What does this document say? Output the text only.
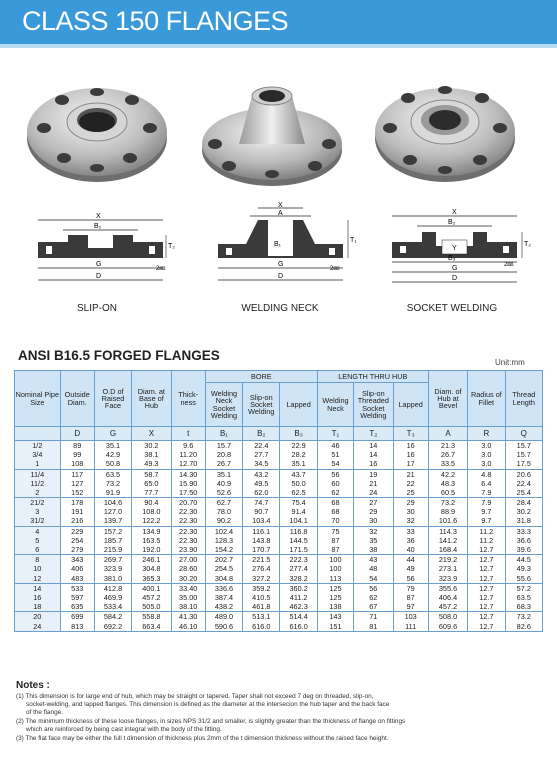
CLASS 150 FLANGES
X
B₂
T₂
G
D
2㎜
X
A
B₁
T₁
G
D
2㎜
X
B₂
Y
T₂
B₃
G
D
2㎜
SLIP-ON	WELDING NECK	SOCKET WELDING
ANSI B16.5 FORGED FLANGES	Unit:mm
Nominal Pipe Size	Outside Diam.	O.D of Raised Face	Diam. at Base of Hub	Thick- ness	BORE			LENGTH THRU HUB			Diam. of Hub at Bevel	Radius of Fillet	Thread Length
					Welding Neck Socket Welding	Slip-on Socket Welding	Lapped	Welding Neck	Slip-on Threaded Socket Welding	Lapped			
	D	G	X	t	B₁	B₂	B₃	T₁	T₂	T₃	A	R	Q
1/2	89	35.1	30.2	9.6	15.7	22.4	22.9	46	14	16	21.3	3.0	15.7
3/4	99	42.9	38.1	11.20	20.8	27.7	28.2	51	14	16	26.7	3.0	15.7
1	108	50.8	49.3	12.70	26.7	34.5	35.1	54	16	17	33.5	3.0	17.5
11/4	117	63.5	58.7	14.30	35.1	43.2	43.7	56	19	21	42.2	4.8	20.6
11/2	127	73.2	65.0	15.90	40.9	49.5	50.0	60	21	22	48.3	6.4	22.4
2	152	91.9	77.7	17.50	52.6	62.0	62.5	62	24	25	60.5	7.9	25.4
21/2	178	104.6	90.4	20.70	62.7	74.7	75.4	68	27	29	73.2	7.9	28.4
3	191	127.0	108.0	22.30	78.0	90.7	91.4	68	29	30	88.9	9.7	30.2
31/2	216	139.7	122.2	22.30	90.2	103.4	104.1	70	30	32	101.6	9.7	31.8
4	229	157.2	134.9	22.30	102.4	116.1	116.8	75	32	33	114.3	11.2	33.3
5	254	185.7	163.5	22.30	128.3	143.8	144.5	87	35	36	141.2	11.2	36.6
6	279	215.9	192.0	23.90	154.2	170.7	171.5	87	38	40	168.4	12.7	39.6
8	343	269.7	246.1	27.00	202.7	221.5	222.3	100	43	44	219.2	12.7	44.5
10	406	323.9	304.8	28.60	254.5	276.4	277.4	100	48	49	273.1	12.7	49.3
12	483	381.0	365.3	30.20	304.8	327.2	328.2	113	54	56	323.9	12.7	55.6
14	533	412.8	400.1	33.40	336.6	359.2	360.2	125	56	79	355.6	12.7	57.2
16	597	469.9	457.2	35.00	387.4	410.5	411.2	125	62	87	406.4	12.7	63.5
18	635	533.4	505.0	38.10	438.2	461.8	462.3	138	67	97	457.2	12.7	68.3
20	699	584.2	558.8	41.30	489.0	513.1	514.4	143	71	103	508.0	12.7	73.2
24	813	692.2	663.4	46.10	590.6	616.0	616.0	151	81	111	609.6	12.7	82.6
Notes :
(1) This dimension is for large end of hub, which may be straight or tapered. Taper shall not exceed 7 deg on threaded, slip-on,
socket-welding, and lapped flanges. This dimension is defined as the diameter at the intersecion the hub taper and the back face
of the flange.
(2) The minimum thickness of these loose flanges, in sizes NPS 31/2 and smaller, is slightly greater than the thickness of flange on fittings
which are reinforced by being cast integral with the body of the fitting.
(3) The flat face may be either the full t dimension of thickness plus 2mm of the t dimension thickness without the raised face height.
